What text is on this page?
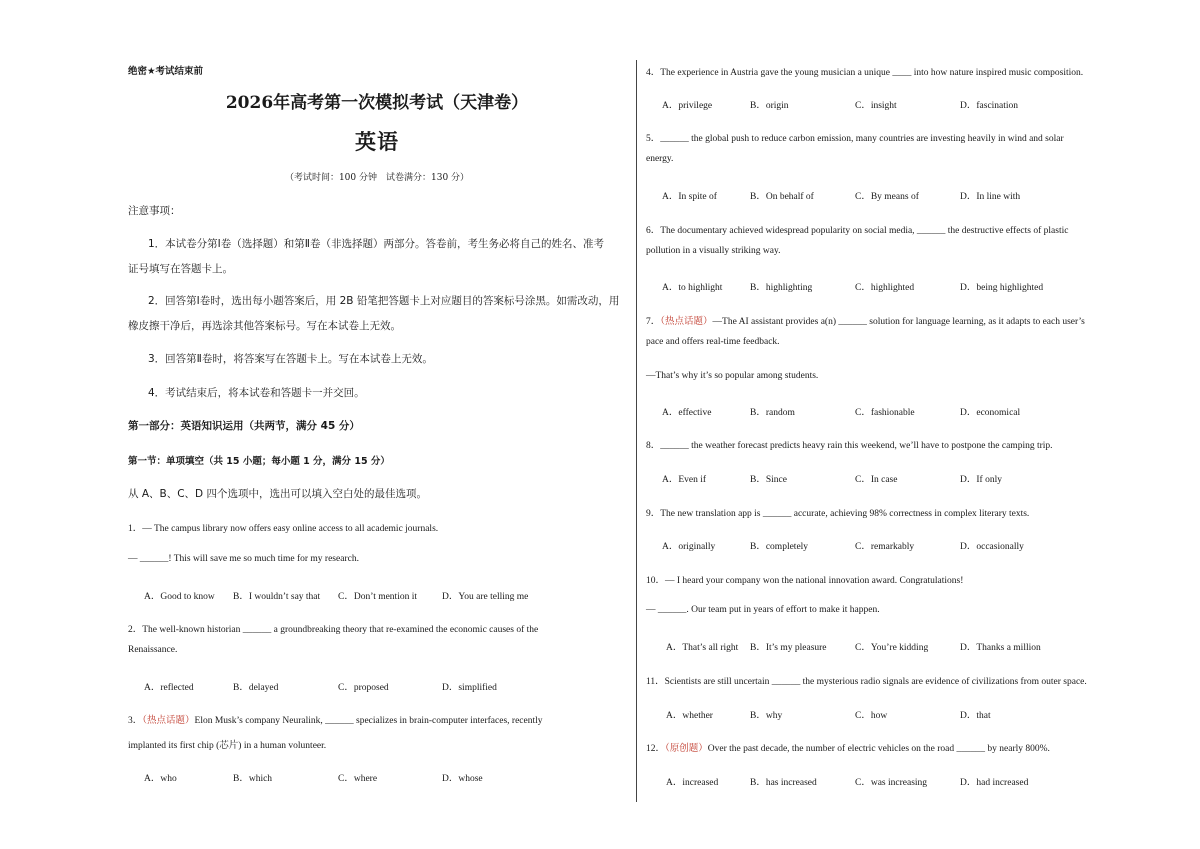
绝密★考试结束前
2026年高考第一次模拟考试（天津卷）
英语
（考试时间：100 分钟　试卷满分：130 分）
注意事项：
1．本试卷分第Ⅰ卷（选择题）和第Ⅱ卷（非选择题）两部分。答卷前，考生务必将自己的姓名、准考
证号填写在答题卡上。
2．回答第Ⅰ卷时，选出每小题答案后，用 2B 铅笔把答题卡上对应题目的答案标号涂黑。如需改动，用
橡皮擦干净后，再选涂其他答案标号。写在本试卷上无效。
3．回答第Ⅱ卷时，将答案写在答题卡上。写在本试卷上无效。
4．考试结束后，将本试卷和答题卡一并交回。
第一部分：英语知识运用（共两节，满分 45 分）
第一节：单项填空（共 15 小题；每小题 1 分，满分 15 分）
从 A、B、C、D 四个选项中，选出可以填入空白处的最佳选项。
1．— The campus library now offers easy online access to all academic journals.
— ______! This will save me so much time for my research.
A．Good to know B．I wouldn’t say that C．Don’t mention it	D．You are telling me
2．The well-known historian ______ a groundbreaking theory that re-examined the economic causes of the
Renaissance.
A．reflected	B．delayed	C．proposed	D．simplified
3．（热点话题）Elon Musk’s company Neuralink, ______ specializes in brain-computer interfaces, recently
implanted its first chip (芯片) in a human volunteer.
A．who	B．which	C．where	D．whose
4．The experience in Austria gave the young musician a unique ____ into how nature inspired music composition.
A．privilege	B．origin	C．insight	D．fascination
5．______ the global push to reduce carbon emission, many countries are investing heavily in wind and solar
energy.
A．In spite of	B．On behalf of	C．By means of	D．In line with
6．The documentary achieved widespread popularity on social media, ______ the destructive effects of plastic
pollution in a visually striking way.
A．to highlight	B．highlighting	C．highlighted	D．being highlighted
7．（热点话题）—The AI assistant provides a(n) ______ solution for language learning, as it adapts to each user’s
pace and offers real-time feedback.
—That’s why it’s so popular among students.
A．effective	B．random	C．fashionable	D．economical
8．______ the weather forecast predicts heavy rain this weekend, we’ll have to postpone the camping trip.
A．Even if	B．Since	C．In case	D．If only
9．The new translation app is ______ accurate, achieving 98% correctness in complex literary texts.
A．originally	B．completely	C．remarkably	D．occasionally
10．— I heard your company won the national innovation award. Congratulations!
— ______. Our team put in years of effort to make it happen.
A．That’s all right B．It’s my pleasure	C．You’re kidding	D．Thanks a million
11．Scientists are still uncertain ______ the mysterious radio signals are evidence of civilizations from outer space.
A．whether	B．why	C．how	D．that
12．（原创题）Over the past decade, the number of electric vehicles on the road ______ by nearly 800%.
A．increased	B．has increased	C．was increasing	D．had increased
